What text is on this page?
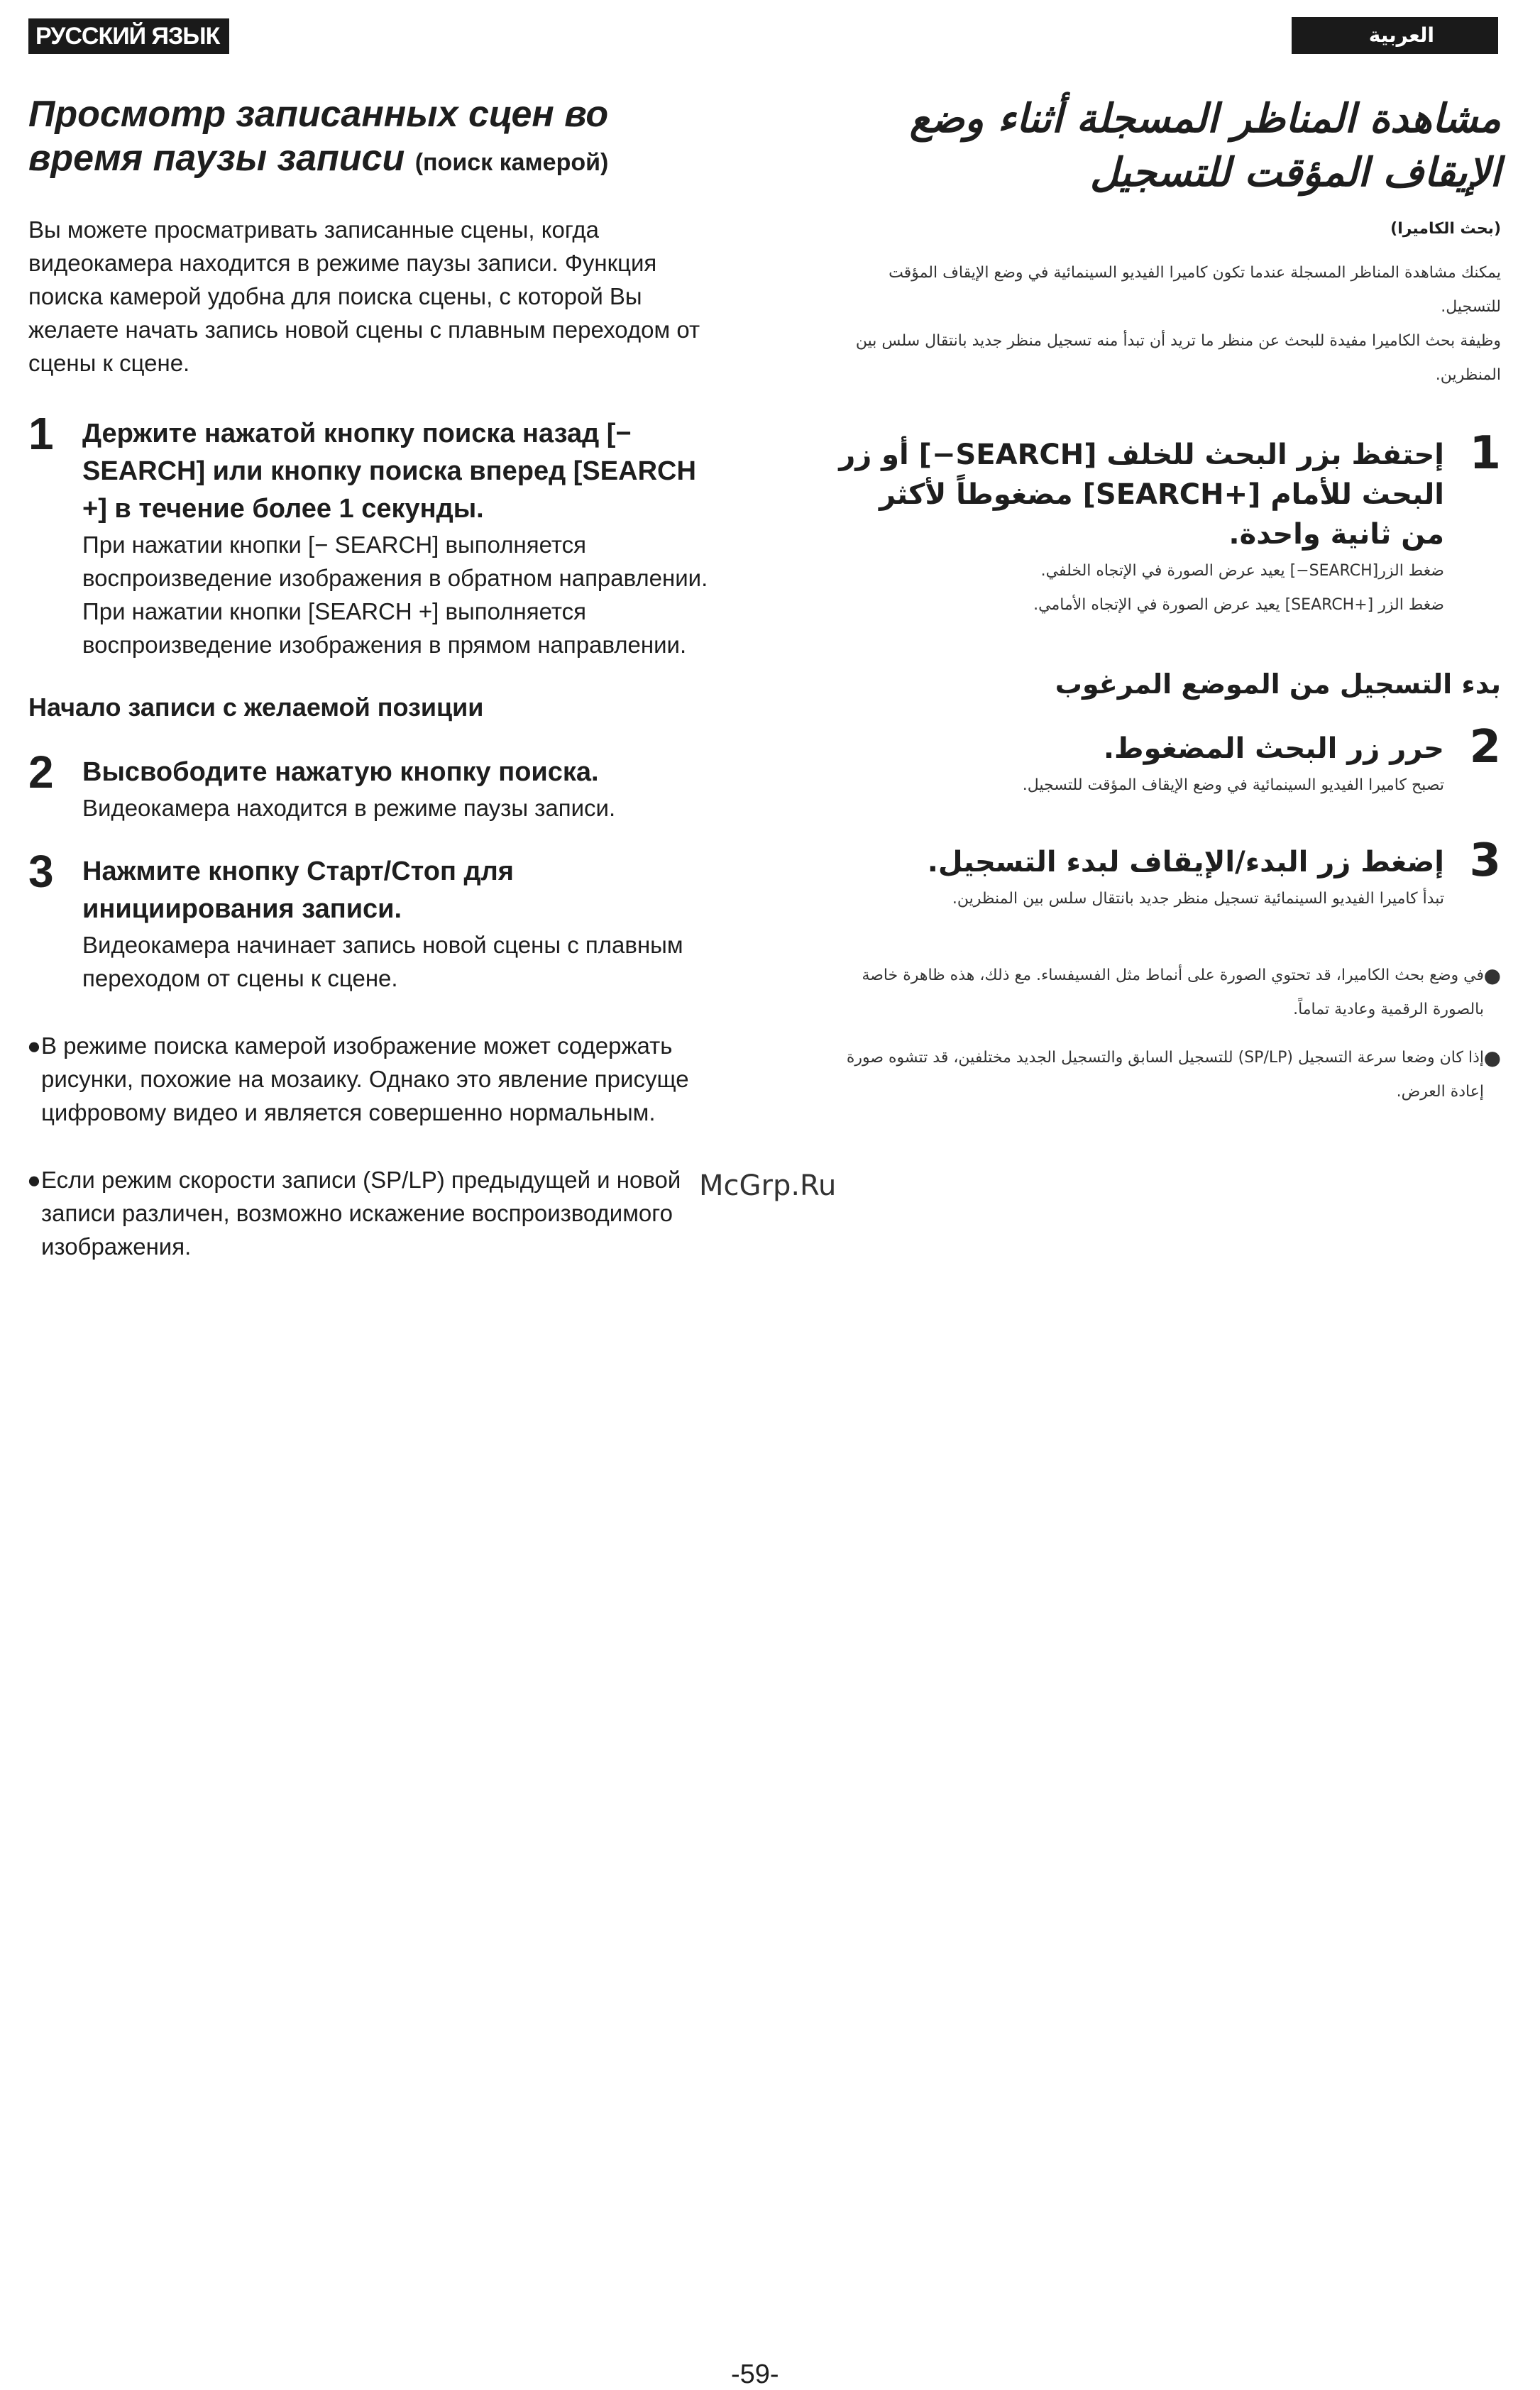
РУССКИЙ ЯЗЫК	العربية
Просмотр записанных сцен во время паузы записи (поиск камерой)

Вы можете просматривать записанные сцены, когда видеокамера находится в режиме паузы записи. Функция поиска камерой удобна для поиска сцены, с которой Вы желаете начать запись новой сцены с плавным переходом от сцены к сцене.

1 Держите нажатой кнопку поиска назад [− SEARCH] или кнопку поиска вперед [SEARCH +] в течение более 1 секунды.
При нажатии кнопки [− SEARCH] выполняется воспроизведение изображения в обратном направлении.
При нажатии кнопки [SEARCH +] выполняется воспроизведение изображения в прямом направлении.
Начало записи с желаемой позиции
2 Высвободите нажатую кнопку поиска.
Видеокамера находится в режиме паузы записи.
3 Нажмите кнопку Старт/Стоп для инициирования записи.
Видеокамера начинает запись новой сцены с плавным переходом от сцены к сцене.
● В режиме поиска камерой изображение может содержать рисунки, похожие на мозаику. Однако это явление присуще цифровому видео и является совершенно нормальным.
● Если режим скорости записи (SP/LP) предыдущей и новой записи различен, возможно искажение воспроизводимого изображения.
McGrp.Ru
مشاهدة المناظر المسجلة أثناء وضع الإيقاف المؤقت للتسجيل
(بحث الكاميرا)
يمكنك مشاهدة المناظر المسجلة عندما تكون كاميرا الفيديو السينمائية في وضع الإيقاف المؤقت للتسجيل.
وظيفة بحث الكاميرا مفيدة للبحث عن منظر ما تريد أن تبدأ منه تسجيل منظر جديد بانتقال سلس بين المنظرين.
1
إحتفظ بزر البحث للخلف [SEARCH−] أو زر البحث للأمام [+SEARCH] مضغوطاً لأكثر من ثانية واحدة.
ضغط الزر[SEARCH−] يعيد عرض الصورة في الإتجاه الخلفي.
ضغط الزر [+SEARCH] يعيد عرض الصورة في الإتجاه الأمامي.
بدء التسجيل من الموضع المرغوب
2
حرر زر البحث المضغوط.
تصبح كاميرا الفيديو السينمائية في وضع الإيقاف المؤقت للتسجيل.
3
إضغط زر البدء/الإيقاف لبدء التسجيل.
تبدأ كاميرا الفيديو السينمائية تسجيل منظر جديد بانتقال سلس بين المنظرين.
●
في وضع بحث الكاميرا، قد تحتوي الصورة على أنماط مثل الفسيفساء. مع ذلك، هذه ظاهرة خاصة بالصورة الرقمية وعادية تماماً.
●
إذا كان وضعا سرعة التسجيل (SP/LP) للتسجيل السابق والتسجيل الجديد مختلفين، قد تتشوه صورة إعادة العرض.
-59-
